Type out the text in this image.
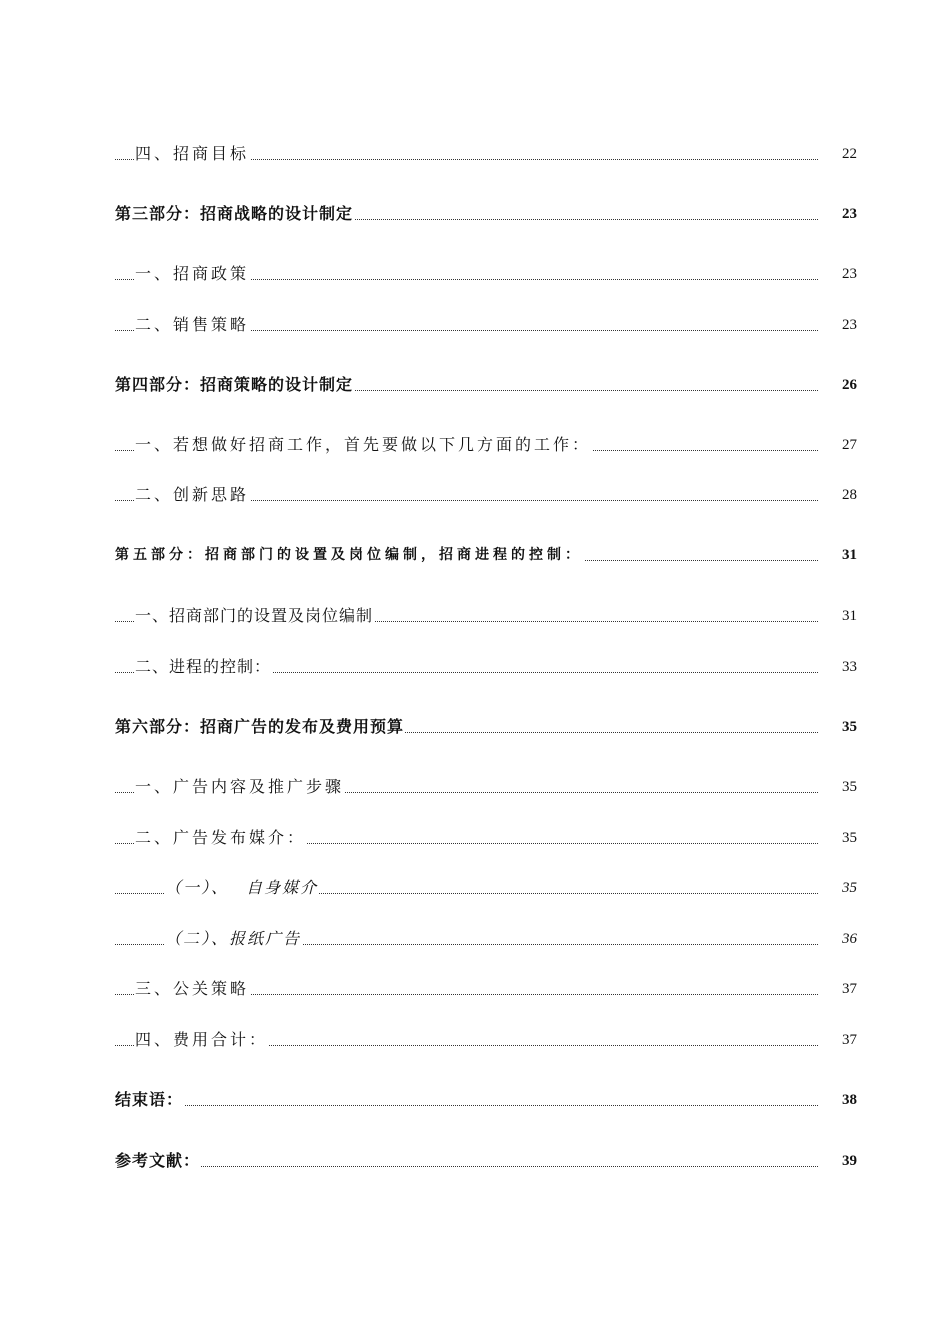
四、招商目标	22
第三部分：招商战略的设计制定	23
一、招商政策	23
二、销售策略	23
第四部分：招商策略的设计制定	26
一、若想做好招商工作，首先要做以下几方面的工作：	27
二、创新思路	28
第五部分：招商部门的设置及岗位编制，招商进程的控制：	31
一、招商部门的设置及岗位编制	31
二、进程的控制：	33
第六部分：招商广告的发布及费用预算	35
一、广告内容及推广步骤	35
二、广告发布媒介：	35
（一）、　 自身媒介	35
（二）、报纸广告	36
三、公关策略	37
四、费用合计：	37
结束语：	38
参考文献：	39
